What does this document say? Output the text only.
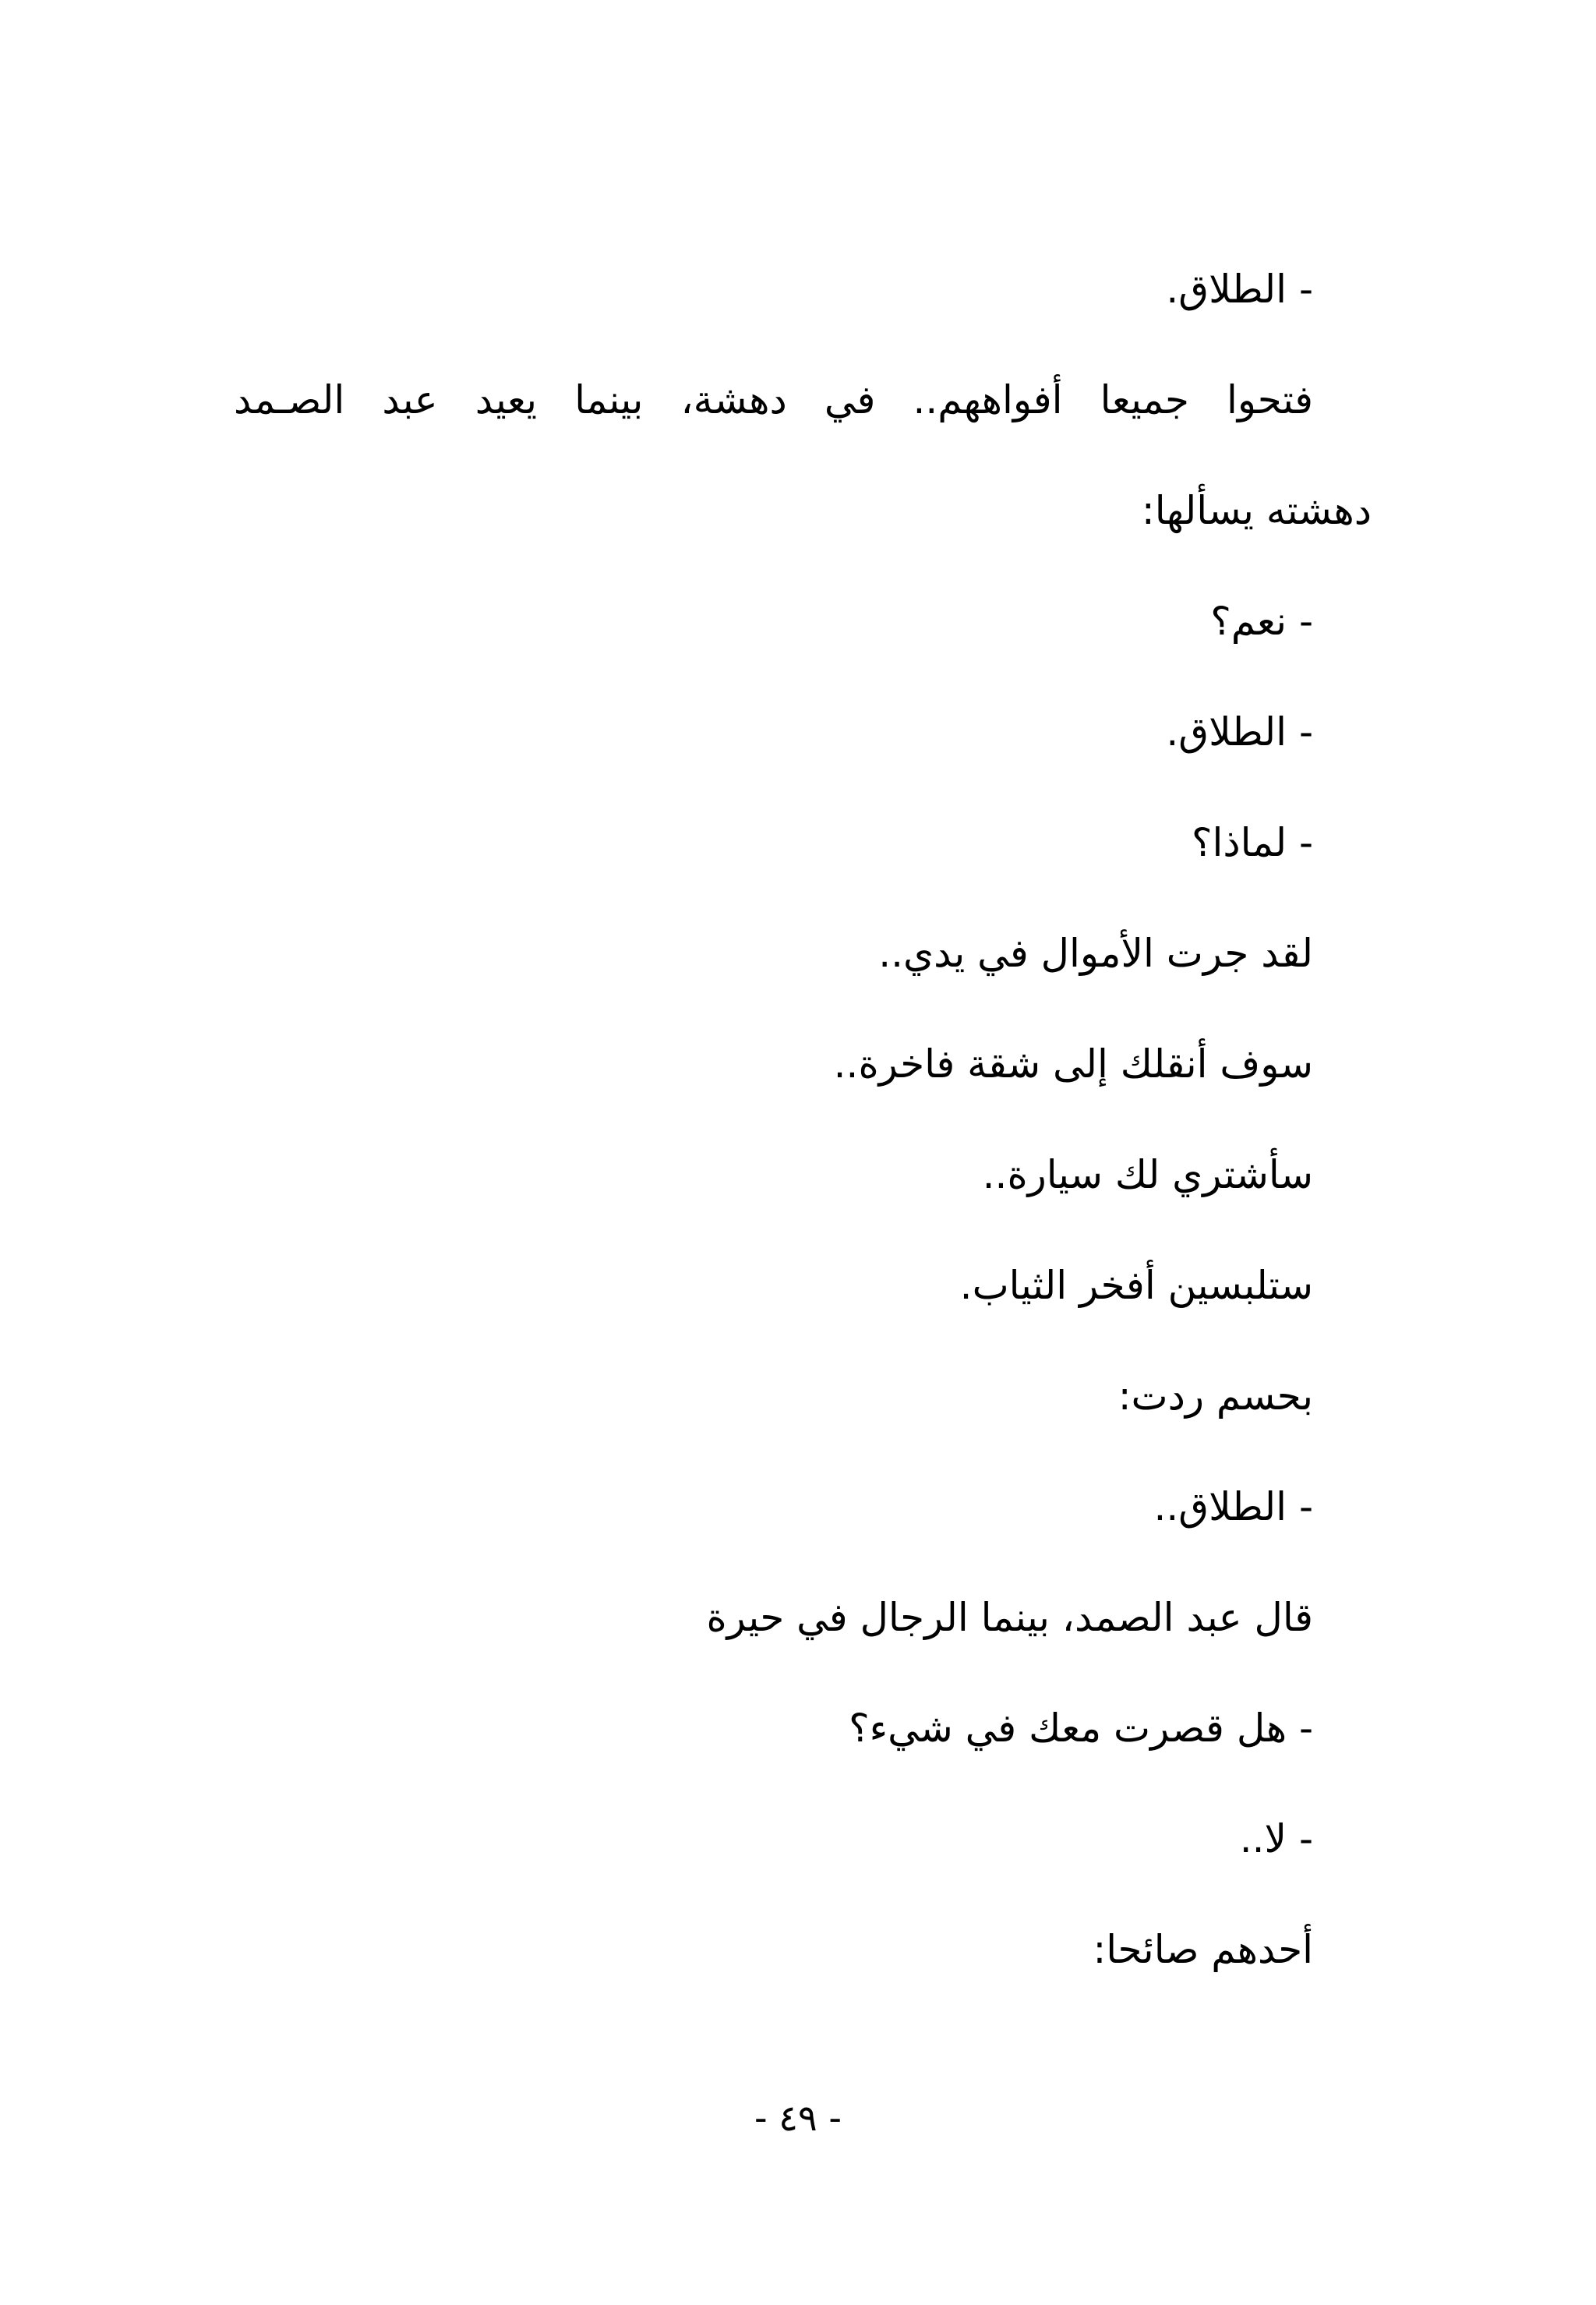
- الطلاق.
فتحوا جميعا أفواههم.. في دهشة، بينما يعيد عبد الصـمد
دهشته يسألها:
- نعم؟
- الطلاق.
- لماذا؟
لقد جرت الأموال في يدي..
سوف أنقلك إلى شقة فاخرة..
سأشتري لك سيارة..
ستلبسين أفخر الثياب.
بحسم ردت:
- الطلاق..
قال عبد الصمد، بينما الرجال في حيرة
- هل قصرت معك في شيء؟
- لا..
أحدهم صائحا:
- ٤٩ -
